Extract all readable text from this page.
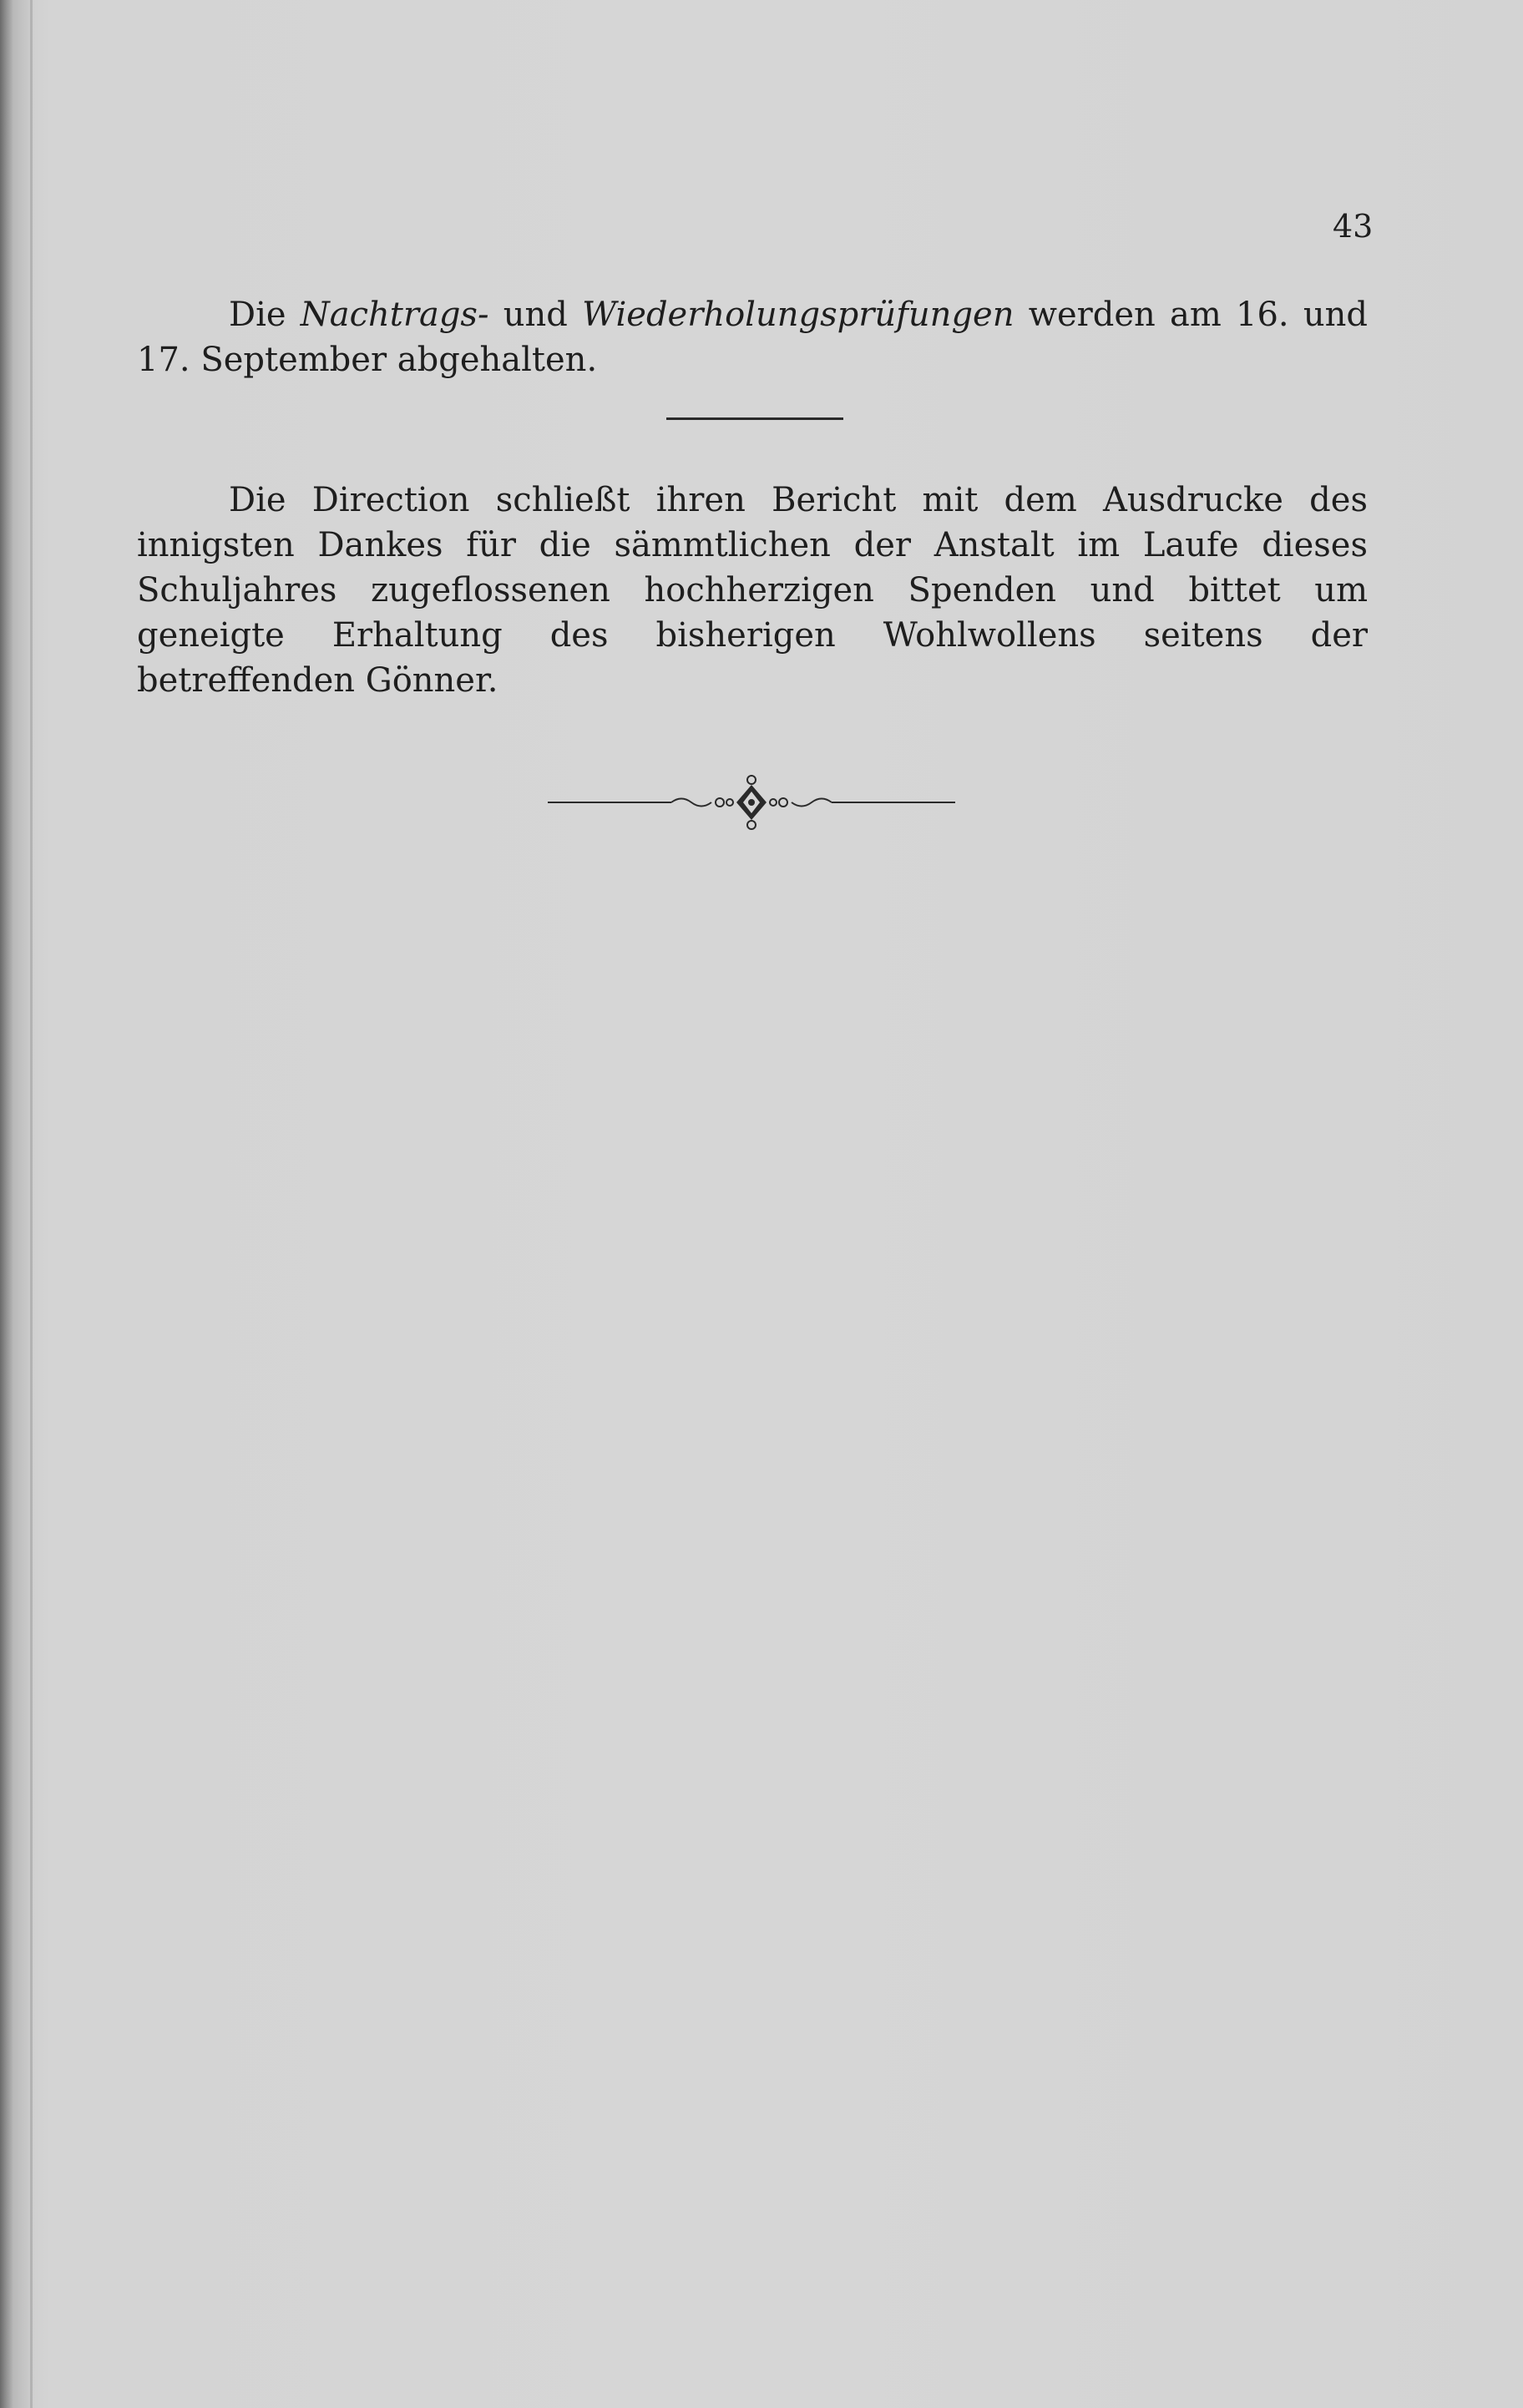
43

Die Nachtrags- und Wiederholungsprüfungen werden am 16. und 17. September abgehalten.

Die Direction schließt ihren Bericht mit dem Ausdrucke des innigsten Dankes für die sämmtlichen der Anstalt im Laufe dieses Schuljahres zugeflossenen hochherzigen Spenden und bittet um geneigte Erhaltung des bisherigen Wohlwollens seitens der betreffenden Gönner.
